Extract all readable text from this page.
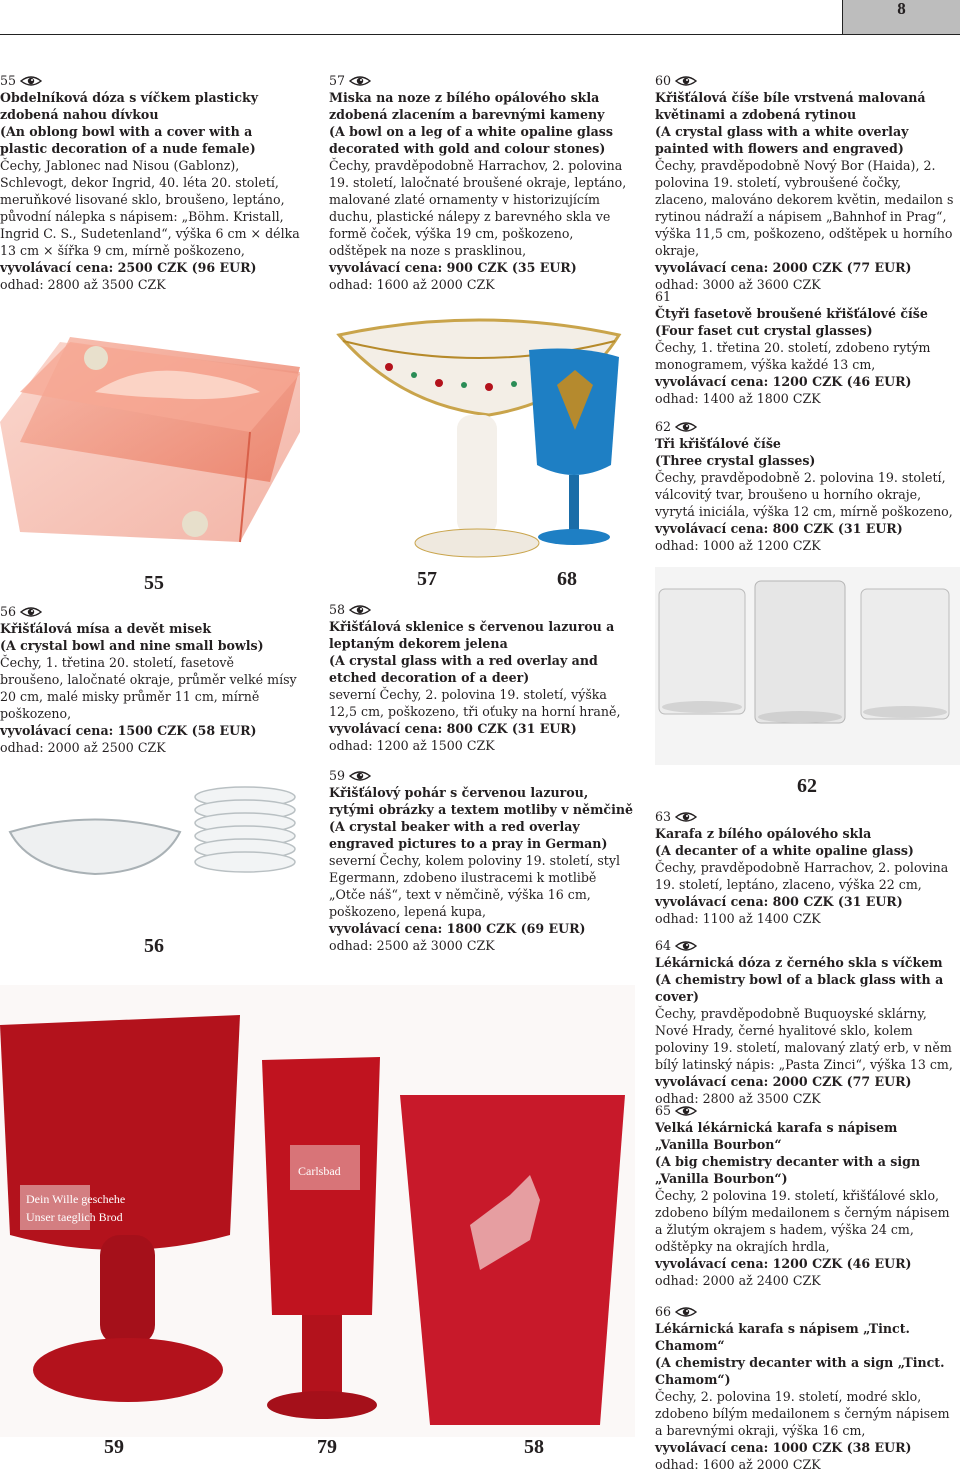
8

55

Obdelníková dóza s víčkem plasticky zdobená nahou dívkou

(An oblong bowl with a cover with a plastic decoration of a nude female)

Čechy, Jablonec nad Nisou (Gablonz), Schlevogt, dekor Ingrid, 40. léta 20. století, meruňkové lisované sklo, broušeno, leptáno, původní nálepka s nápisem: „Böhm. Kristall, Ingrid C. S., Sudetenland“, výška 6 cm × délka 13 cm × šířka 9 cm, mírně poškozeno,

vyvolávací cena: 2500 CZK (96 EUR)

odhad: 2800 až 3500 CZK

57

Miska na noze z bílého opálového skla zdobená zlacením a barevnými kameny

(A bowl on a leg of a white opaline glass decorated with gold and colour stones)

Čechy, pravděpodobně Harrachov, 2. polovina 19. století, laločnaté broušené okraje, leptáno, malované zlaté ornamenty v historizujícím duchu, plastické nálepy z barevného skla ve formě čoček, výška 19 cm, poškozeno, odštěpek na noze s prasklinou,

vyvolávací cena: 900 CZK (35 EUR)

odhad: 1600 až 2000 CZK

60

Křišťálová číše bíle vrstvená malovaná květinami a zdobená rytinou

(A crystal glass with a white overlay painted with flowers and engraved)

Čechy, pravděpodobně Nový Bor (Haida), 2. polovina 19. století, vybroušené čočky, zlaceno, malováno dekorem květin, medailon s rytinou nádraží a nápisem „Bahnhof in Prag“, výška 11,5 cm, poškozeno, odštěpek u horního okraje,

vyvolávací cena: 2000 CZK (77 EUR)

odhad: 3000 až 3600 CZK

61

Čtyři fasetově broušené křišťálové číše

(Four faset cut crystal glasses)

Čechy, 1. třetina 20. století, zdobeno rytým monogramem, výška každé 13 cm,

vyvolávací cena: 1200 CZK (46 EUR)

odhad: 1400 až 1800 CZK

62

Tři křišťálové číše

(Three crystal glasses)

Čechy, pravděpodobně 2. polovina 19. století, válcovitý tvar, broušeno u horního okraje, vyrytá iniciála, výška 12 cm, mírně poškozeno,

vyvolávací cena: 800 CZK (31 EUR)

odhad: 1000 až 1200 CZK

56

Křišťálová mísa a devět misek

(A crystal bowl and nine small bowls)

Čechy, 1. třetina 20. století, fasetově broušeno, laločnaté okraje, průměr velké mísy 20 cm, malé misky průměr 11 cm, mírně poškozeno,

vyvolávací cena: 1500 CZK (58 EUR)

odhad: 2000 až 2500 CZK

58

Křišťálová sklenice s červenou lazurou a leptaným dekorem jelena

(A crystal glass with a red overlay and etched decoration of a deer)

severní Čechy, 2. polovina 19. století, výška 12,5 cm, poškozeno, tři oťuky na horní hraně,

vyvolávací cena: 800 CZK (31 EUR)

odhad: 1200 až 1500 CZK

59

Křišťálový pohár s červenou lazurou, rytými obrázky a textem motliby v němčině

(A crystal beaker with a red overlay engraved pictures to a pray in German)

severní Čechy, kolem poloviny 19. století, styl Egermann, zdobeno ilustracemi k motlibě „Otče náš“, text v němčině, výška 16 cm, poškozeno, lepená kupa,

vyvolávací cena: 1800 CZK (69 EUR)

odhad: 2500 až 3000 CZK

63

Karafa z bílého opálového skla

(A decanter of a white opaline glass)

Čechy, pravděpodobně Harrachov, 2. polovina 19. století, leptáno, zlaceno, výška 22 cm,

vyvolávací cena: 800 CZK (31 EUR)

odhad: 1100 až 1400 CZK

64

Lékárnická dóza z černého skla s víčkem

(A chemistry bowl of a black glass with a cover)

Čechy, pravděpodobně Buquoyské sklárny, Nové Hrady, černé hyalitové sklo, kolem poloviny 19. století, malovaný zlatý erb, v něm bílý latinský nápis: „Pasta Zinci“, výška 13 cm,

vyvolávací cena: 2000 CZK (77 EUR)

odhad: 2800 až 3500 CZK

65

Velká lékárnická karafa s nápisem „Vanilla Bourbon“

(A big chemistry decanter with a sign „Vanilla Bourbon“)

Čechy, 2 polovina 19. století, křišťálové sklo, zdobeno bílým medailonem s černým nápisem a žlutým okrajem s hadem, výška 24 cm, odštěpky na okrajích hrdla,

vyvolávací cena: 1200 CZK (46 EUR)

odhad: 2000 až 2400 CZK

66

Lékárnická karafa s nápisem „Tinct. Chamom“

(A chemistry decanter with a sign „Tinct. Chamom“)

Čechy, 2. polovina 19. století, modré sklo, zdobeno bílým medailonem s černým nápisem a barevnými okraji, výška 16 cm,

vyvolávací cena: 1000 CZK (38 EUR)

odhad: 1600 až 2000 CZK

Dein Wille geschehe
Unser taeglich Brod
Carlsbad
55
56
57	68
62
59	79	58
